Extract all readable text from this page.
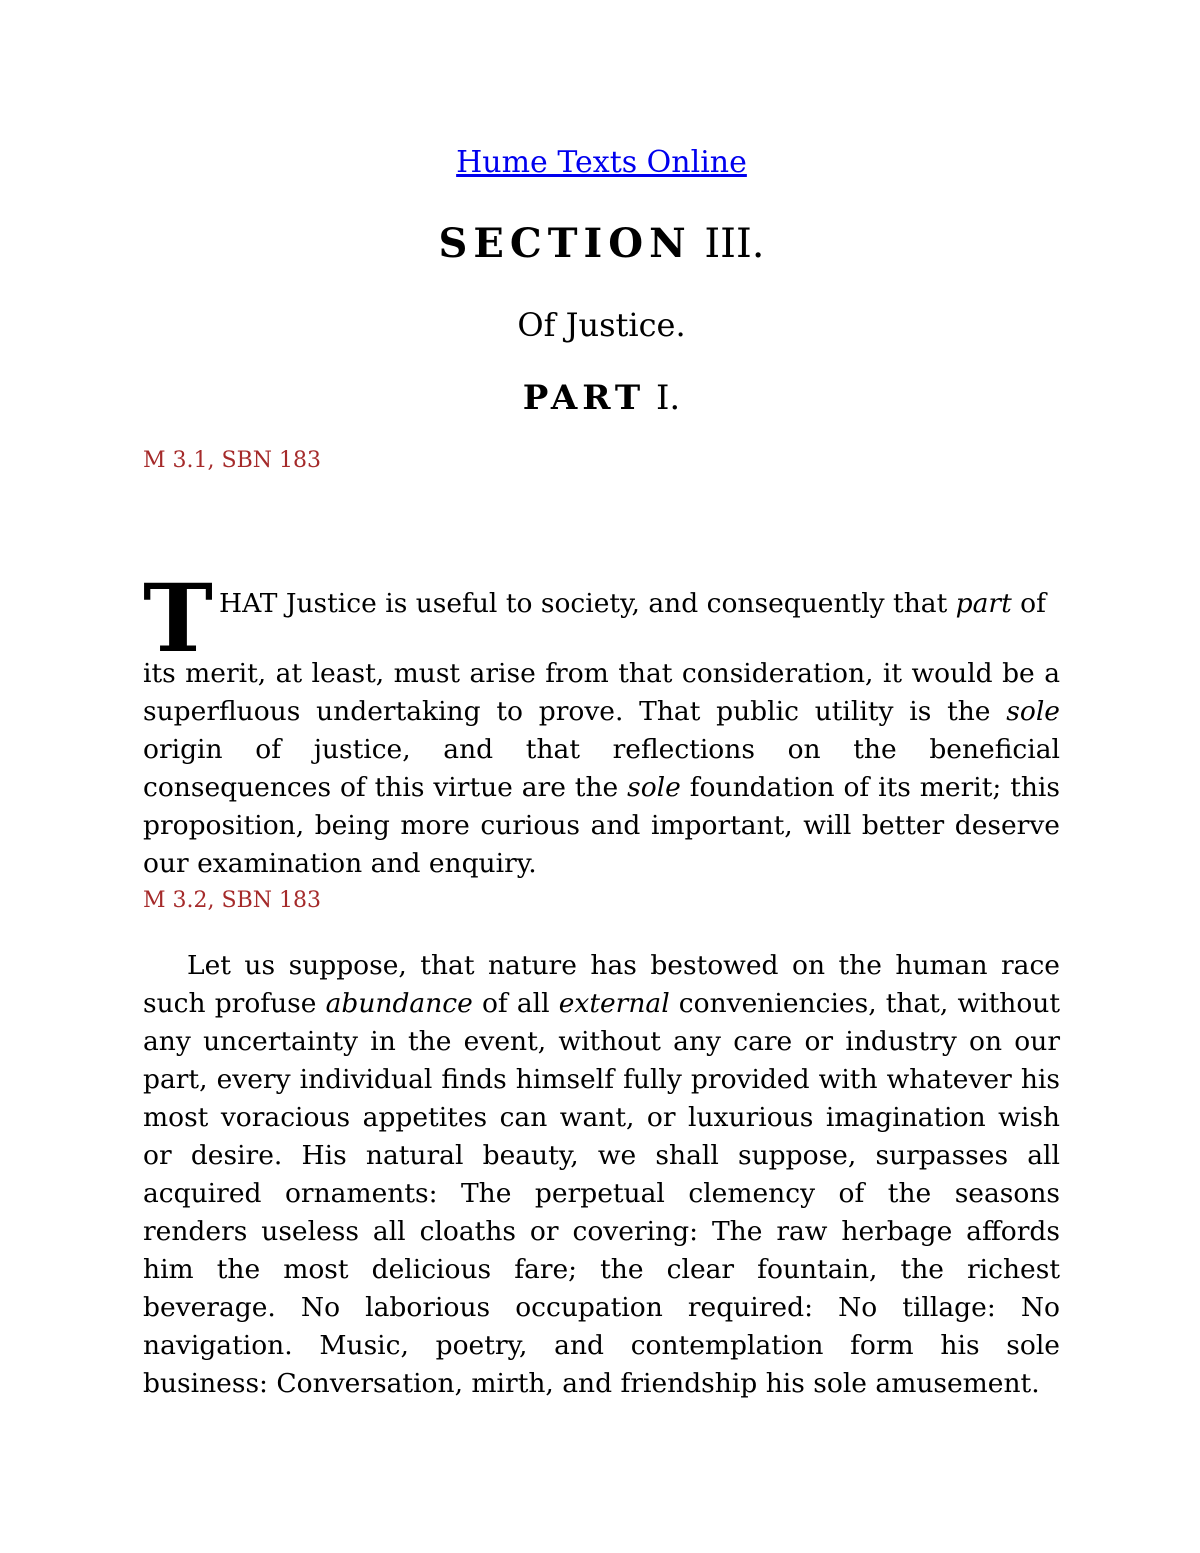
Hume Texts Online
SECTION III.
Of Justice.
PART I.
M 3.1, SBN 183
T HAT Justice is useful to society, and consequently that part of
its merit, at least, must arise from that consideration, it would be a superfluous undertaking to prove. That public utility is the sole origin of justice, and that reflections on the beneficial consequences of this virtue are the sole foundation of its merit; this proposition, being more curious and important, will better deserve our examination and enquiry.
M 3.2, SBN 183
Let us suppose, that nature has bestowed on the human race such profuse abundance of all external conveniencies, that, without any uncertainty in the event, without any care or industry on our part, every individual finds himself fully provided with whatever his most voracious appetites can want, or luxurious imagination wish or desire. His natural beauty, we shall suppose, surpasses all acquired ornaments: The perpetual clemency of the seasons renders useless all cloaths or covering: The raw herbage affords him the most delicious fare; the clear fountain, the richest beverage. No laborious occupation required: No tillage: No navigation. Music, poetry, and contemplation form his sole business: Conversation, mirth, and friendship his sole amusement.
